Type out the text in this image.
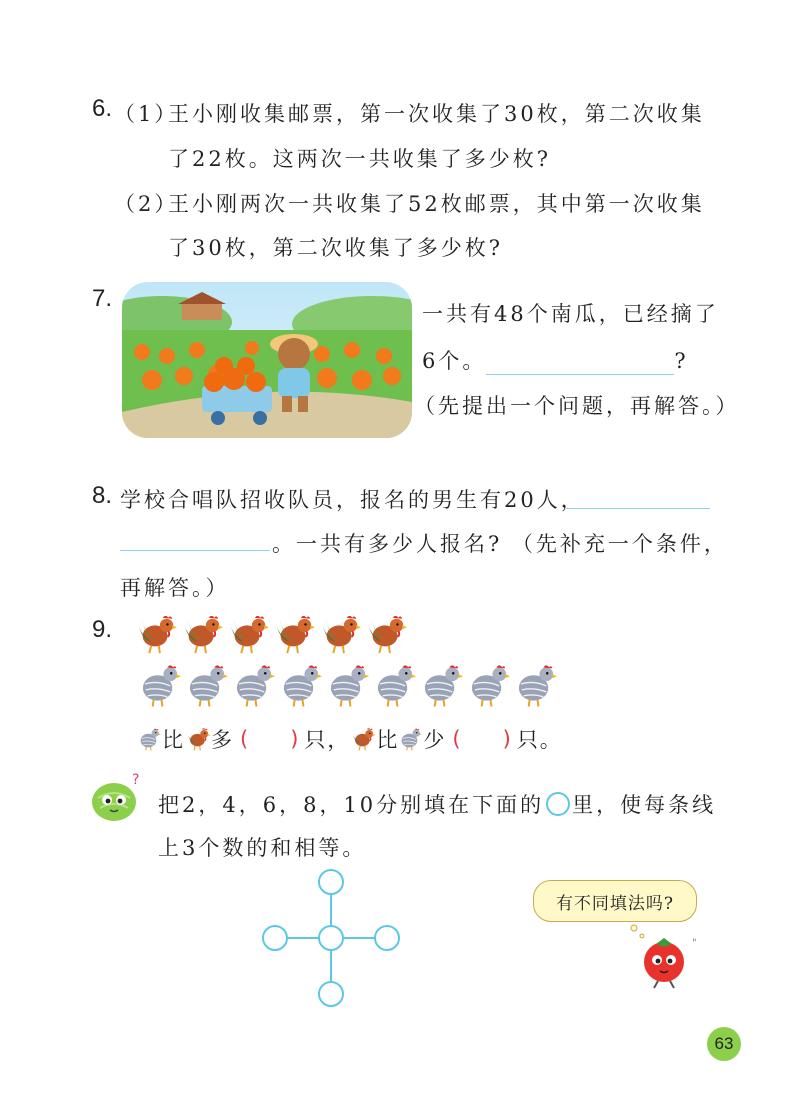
6. （1）
王小刚收集邮票，第一次收集了30枚，第二次收集
了22枚。这两次一共收集了多少枚?
（2）
王小刚两次一共收集了52枚邮票，其中第一次收集
了30枚，第二次收集了多少枚?
7.
一共有48个南瓜，已经摘了
6个。	?
（先提出一个问题，再解答。）
8. 学校合唱队招收队员，报名的男生有20人，
。一共有多少人报名? （先补充一个条件，
再解答。）
9.
比 多 ( ) 只， 比 少 ( ) 只。
?
把2，4，6，8，10分别填在下面的 里，使每条线
上3个数的和相等。
有不同填法吗?
"
63
